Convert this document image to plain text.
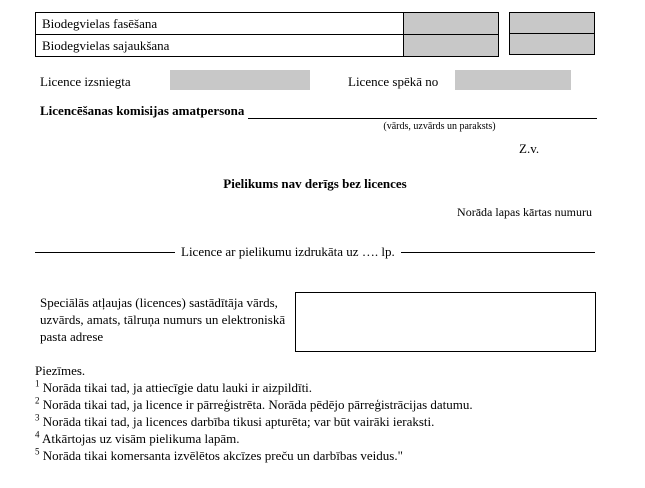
Biodegvielas fasēšana	
Biodegvielas sajaukšana	
Licence izsniegta	Licence spēkā no
Licencēšanas komisijas amatpersona
(vārds, uzvārds un paraksts)
Z.v.
Pielikums nav derīgs bez licences
Norāda lapas kārtas numuru
Licence ar pielikumu izdrukāta uz …. lp.
Speciālās atļaujas (licences) sastādītāja vārds, uzvārds, amats, tālruņa numurs un elektroniskā pasta adrese
Piezīmes.
$^1$ Norāda tikai tad, ja attiecīgie datu lauki ir aizpildīti.
$^2$ Norāda tikai tad, ja licence ir pārreģistrēta. Norāda pēdējo pārreģistrācijas datumu.
$^3$ Norāda tikai tad, ja licences darbība tikusi apturēta; var būt vairāki ieraksti.
$^4$ Atkārtojas uz visām pielikuma lapām.
$^5$ Norāda tikai komersanta izvēlētos akcīzes preču un darbības veidus."
